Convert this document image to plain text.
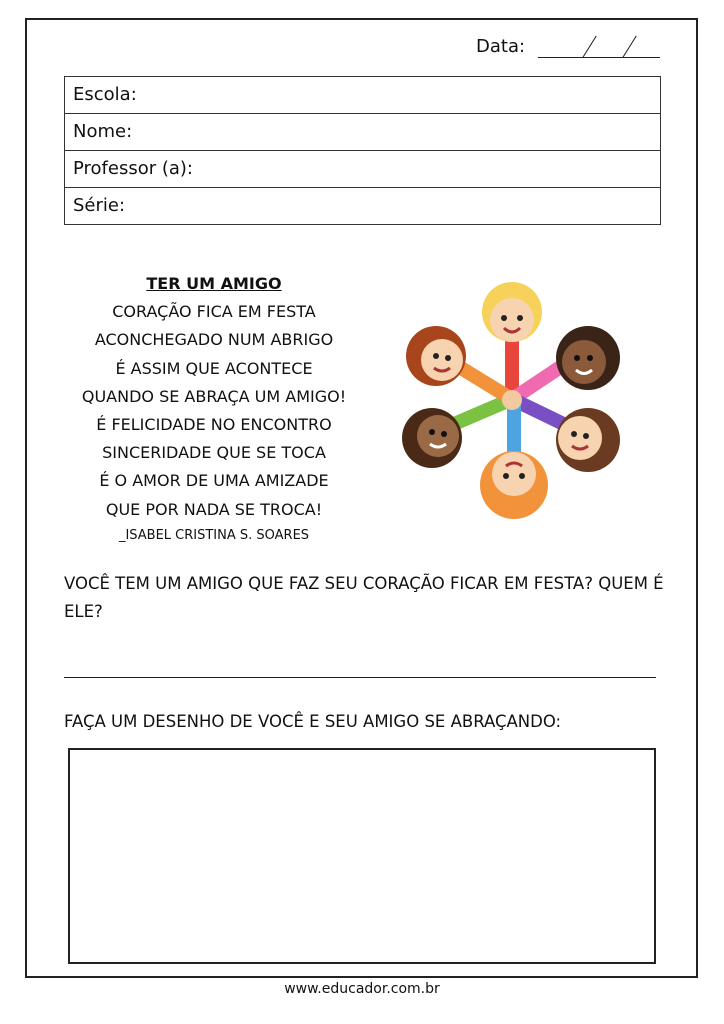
Data:
Escola:
Nome:
Professor (a):
Série:
TER UM AMIGO
CORAÇÃO FICA EM FESTA
ACONCHEGADO NUM ABRIGO
É ASSIM QUE ACONTECE
QUANDO SE ABRAÇA UM AMIGO!
É FELICIDADE NO ENCONTRO
SINCERIDADE QUE SE TOCA
É O AMOR DE UMA AMIZADE
QUE POR NADA SE TROCA!
_ISABEL CRISTINA S. SOARES
VOCÊ TEM UM AMIGO QUE FAZ SEU CORAÇÃO FICAR EM FESTA? QUEM É ELE?
FAÇA UM DESENHO DE VOCÊ E SEU AMIGO SE ABRAÇANDO:
www.educador.com.br
